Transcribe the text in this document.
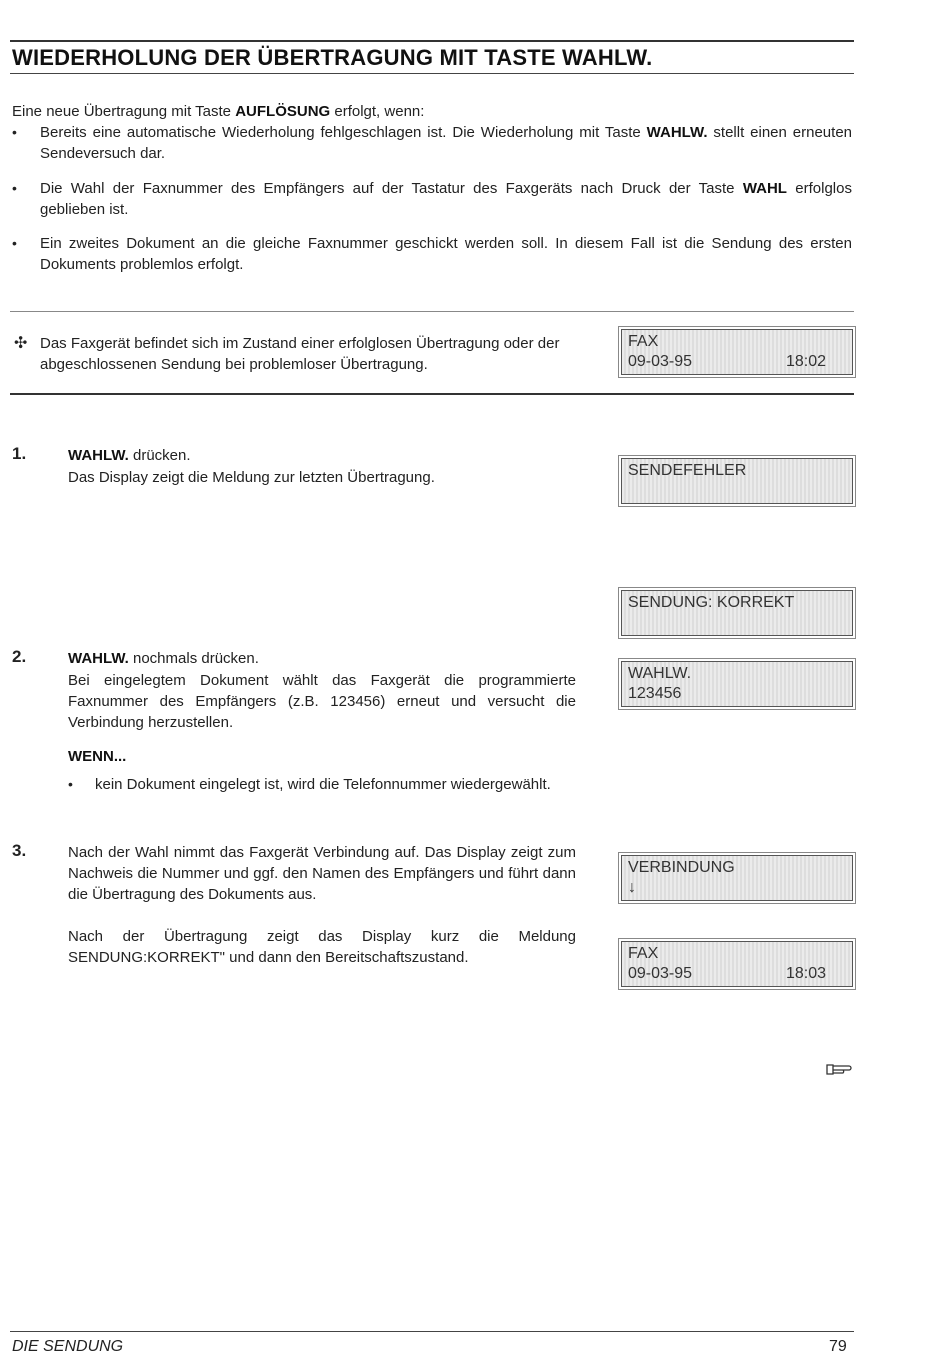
WIEDERHOLUNG DER ÜBERTRAGUNG MIT TASTE WAHLW.
Eine neue Übertragung mit Taste AUFLÖSUNG erfolgt, wenn:
• Bereits eine automatische Wiederholung fehlgeschlagen ist. Die Wiederholung mit Taste WAHLW. stellt einen erneuten Sendeversuch dar.
• Die Wahl der Faxnummer des Empfängers auf der Tastatur des Faxgeräts nach Druck der Taste WAHL erfolglos geblieben ist.
• Ein zweites Dokument an die gleiche Faxnummer geschickt werden soll. In diesem Fall ist die Sendung des ersten Dokuments problemlos erfolgt.
✣ Das Faxgerät befindet sich im Zustand einer erfolglosen Übertragung oder der abgeschlossenen Sendung bei problemloser Übertragung.
FAX
09-03-95	18:02
1.	WAHLW. drücken.
Das Display zeigt die Meldung zur letzten Übertragung.	SENDEFEHLER
SENDUNG: KORREKT
2.	WAHLW. nochmals drücken.
Bei eingelegtem Dokument wählt das Faxgerät die programmierte Faxnummer des Empfängers (z.B. 123456) erneut und versucht die Verbindung herzustellen.
WAHLW.
123456
WENN...
• kein Dokument eingelegt ist, wird die Telefonnummer wiedergewählt.
3.	Nach der Wahl nimmt das Faxgerät Verbindung auf. Das Display zeigt zum Nachweis die Nummer und ggf. den Namen des Empfängers und führt dann die Übertragung des Dokuments aus.
Nach der Übertragung zeigt das Display kurz die Meldung SENDUNG:KORREKT" und dann den Bereitschaftszustand.
VERBINDUNG
↓
FAX
09-03-95	18:03
DIE SENDUNG	79
